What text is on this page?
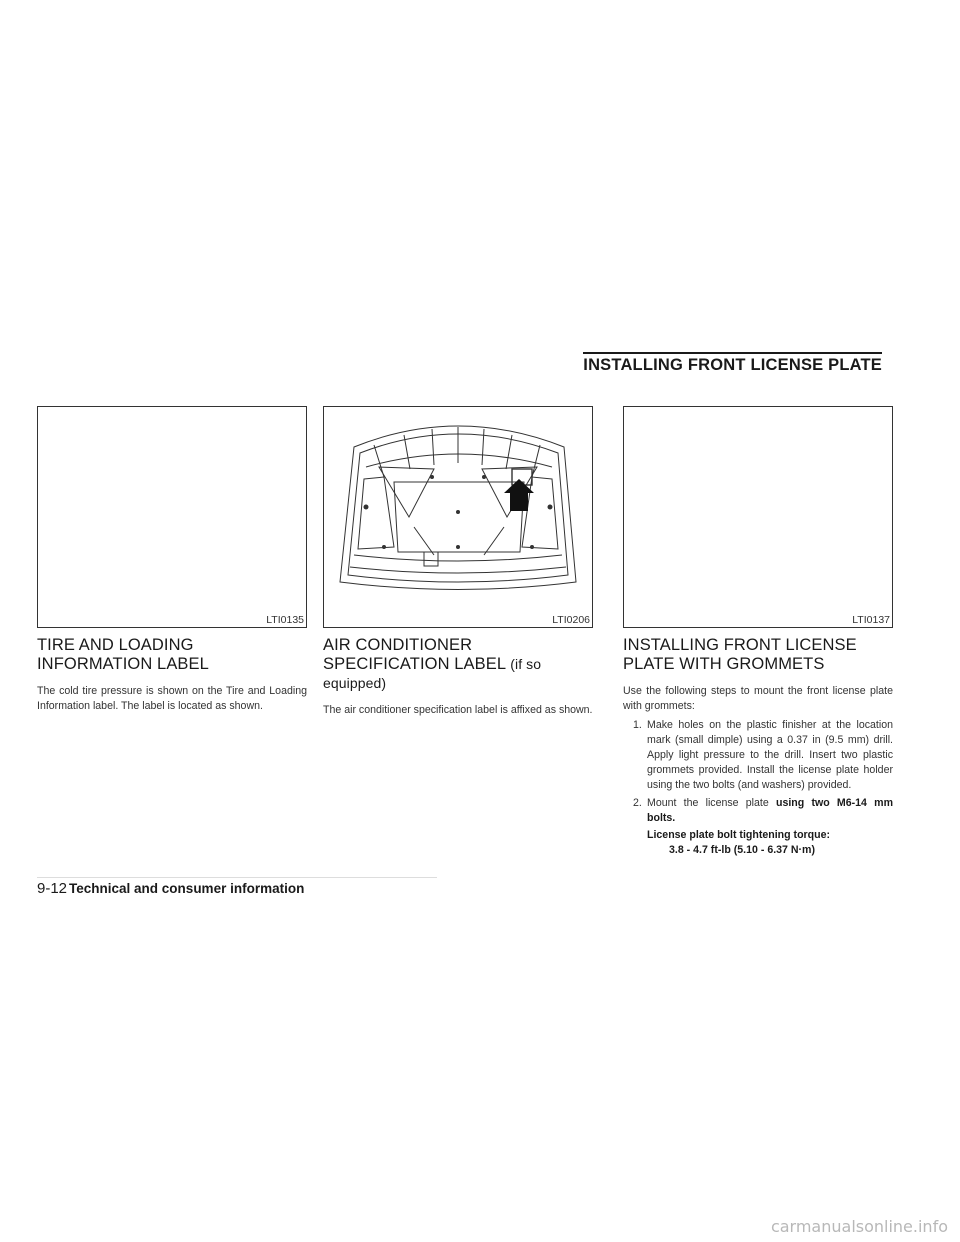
INSTALLING FRONT LICENSE PLATE
LTI0135
TIRE AND LOADING INFORMATION LABEL

The cold tire pressure is shown on the Tire and Loading Information label. The label is located as shown.

LTI0206
AIR CONDITIONER SPECIFICATION LABEL (if so equipped)

The air conditioner specification label is affixed as shown.

LTI0137
INSTALLING FRONT LICENSE PLATE WITH GROMMETS

Use the following steps to mount the front license plate with grommets:

1. Make holes on the plastic finisher at the location mark (small dimple) using a 0.37 in (9.5 mm) drill. Apply light pressure to the drill. Insert two plastic grommets provided. Install the license plate holder using the two bolts (and washers) provided.
2. Mount the license plate using two M6-14 mm bolts.
License plate bolt tightening torque:
3.8 - 4.7 ft-lb (5.10 - 6.37 N·m)
9-12 Technical and consumer information
carmanualsonline.info
